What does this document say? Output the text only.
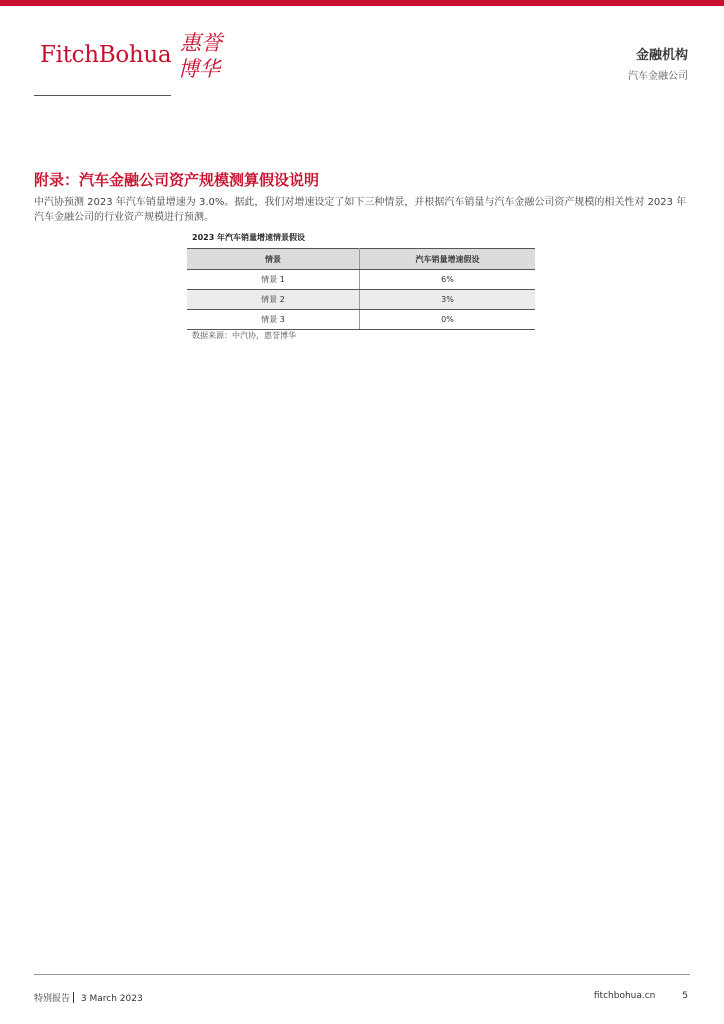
FitchBohua 惠誉
博华
金融机构
汽车金融公司
附录：汽车金融公司资产规模测算假设说明
中汽协预测 2023 年汽车销量增速为 3.0%。据此，我们对增速设定了如下三种情景，并根据汽车销量与汽车金融公司资产规模的相关性对 2023 年汽车金融公司的行业资产规模进行预测。
2023 年汽车销量增速情景假设
情景	汽车销量增速假设
情景 1	6%
情景 2	3%
情景 3	0%
数据来源：中汽协，惠誉博华
特别报告 3 March 2023	fitchbohua.cn	5
